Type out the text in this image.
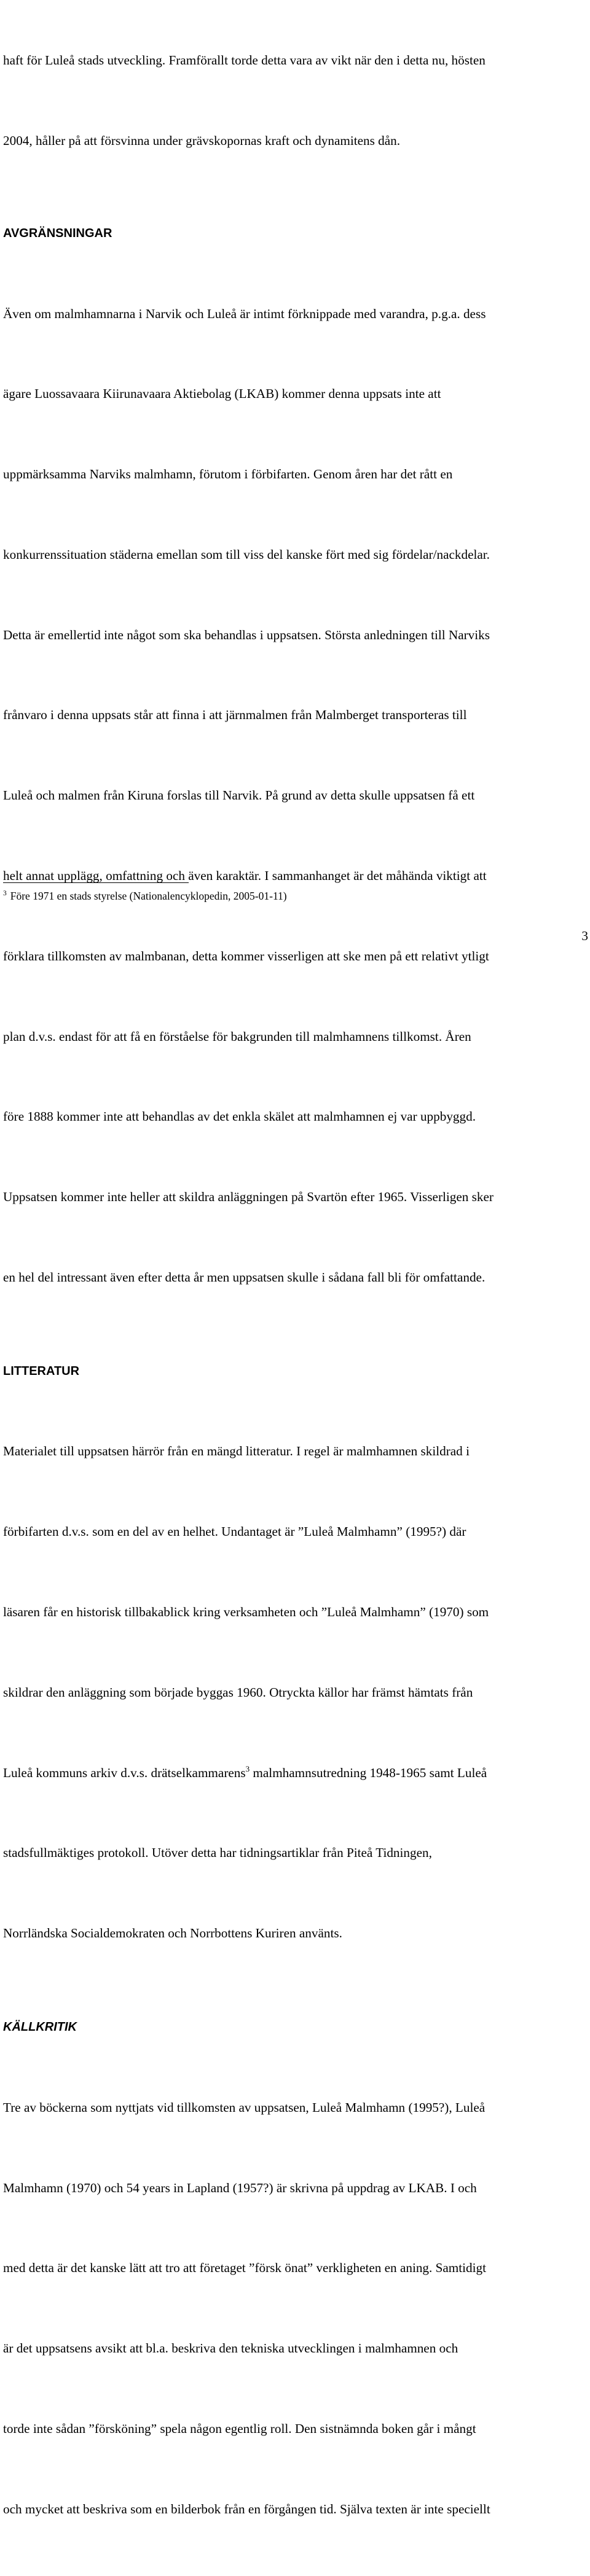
haft för Luleå stads utveckling. Framförallt torde detta vara av vikt när den i detta nu, hösten

2004, håller på att försvinna under grävskopornas kraft och dynamitens dån.

AVGRÄNSNINGAR

Även om malmhamnarna i Narvik och Luleå är intimt förknippade med varandra, p.g.a. dess

ägare Luossavaara Kiirunavaara Aktiebolag (LKAB) kommer denna uppsats inte att

uppmärksamma Narviks malmhamn, förutom i förbifarten. Genom åren har det rått en

konkurrenssituation städerna emellan som till viss del kanske fört med sig fördelar/nackdelar.

Detta är emellertid inte något som ska behandlas i uppsatsen. Största anledningen till Narviks

frånvaro i denna uppsats står att finna i att järnmalmen från Malmberget transporteras till

Luleå och malmen från Kiruna forslas till Narvik. På grund av detta skulle uppsatsen få ett

helt annat upplägg, omfattning och även karaktär. I sammanhanget är det måhända viktigt att

förklara tillkomsten av malmbanan, detta kommer visserligen att ske men på ett relativt ytligt

plan d.v.s. endast för att få en förståelse för bakgrunden till malmhamnens tillkomst. Åren

före 1888 kommer inte att behandlas av det enkla skälet att malmhamnen ej var uppbyggd.

Uppsatsen kommer inte heller att skildra anläggningen på Svartön efter 1965. Visserligen sker

en hel del intressant även efter detta år men uppsatsen skulle i sådana fall bli för omfattande.

LITTERATUR

Materialet till uppsatsen härrör från en mängd litteratur. I regel är malmhamnen skildrad i

förbifarten d.v.s. som en del av en helhet. Undantaget är ”Luleå Malmhamn” (1995?) där

läsaren får en historisk tillbakablick kring verksamheten och ”Luleå Malmhamn” (1970) som

skildrar den anläggning som började byggas 1960. Otryckta källor har främst hämtats från

Luleå kommuns arkiv d.v.s. drätselkammarens$^3$ malmhamnsutredning 1948-1965 samt Luleå

stadsfullmäktiges protokoll. Utöver detta har tidningsartiklar från Piteå Tidningen,

Norrländska Socialdemokraten och Norrbottens Kuriren använts.

KÄLLKRITIK

Tre av böckerna som nyttjats vid tillkomsten av uppsatsen, Luleå Malmhamn (1995?), Luleå

Malmhamn (1970) och 54 years in Lapland (1957?) är skrivna på uppdrag av LKAB. I och

med detta är det kanske lätt att tro att företaget ”försk önat” verkligheten en aning. Samtidigt

är det uppsatsens avsikt att bl.a. beskriva den tekniska utvecklingen i malmhamnen och

torde inte sådan ”försköning” spela någon egentlig roll. Den sistnämnda boken går i mångt

och mycket att beskriva som en bilderbok från en förgången tid. Själva texten är inte speciellt

$^3$ Före 1971 en stads styrelse (Nationalencyklopedin, 2005-01-11)
3
